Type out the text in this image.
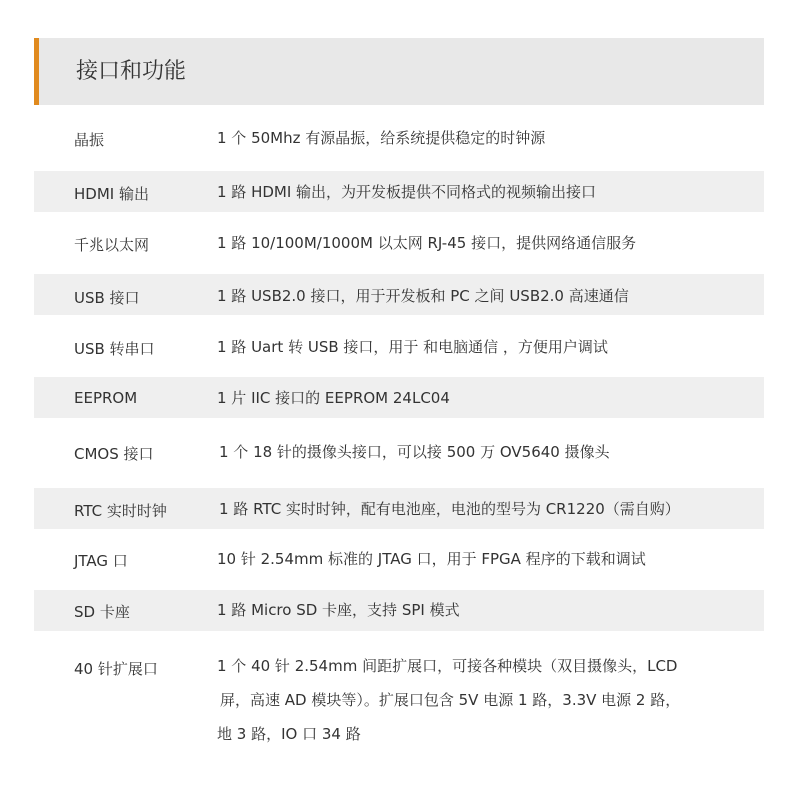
接口和功能
晶振	1 个 50Mhz 有源晶振，给系统提供稳定的时钟源
HDMI 输出	1 路 HDMI 输出，为开发板提供不同格式的视频输出接口
千兆以太网	1 路 10/100M/1000M 以太网 RJ-45 接口，提供网络通信服务
USB 接口	1 路 USB2.0 接口，用于开发板和 PC 之间 USB2.0 高速通信
USB 转串口	1 路 Uart 转 USB 接口，用于 和电脑通信 ，方便用户调试
EEPROM	1 片 IIC 接口的 EEPROM 24LC04
CMOS 接口	1 个 18 针的摄像头接口，可以接 500 万 OV5640 摄像头
RTC 实时时钟	1 路 RTC 实时时钟，配有电池座，电池的型号为 CR1220（需自购）
JTAG 口	10 针 2.54mm 标准的 JTAG 口，用于 FPGA 程序的下载和调试
SD 卡座	1 路 Micro SD 卡座，支持 SPI 模式
40 针扩展口	1 个 40 针 2.54mm 间距扩展口，可接各种模块（双目摄像头，LCD
屏，高速 AD 模块等）。扩展口包含 5V 电源 1 路，3.3V 电源 2 路，
地 3 路，IO 口 34 路
